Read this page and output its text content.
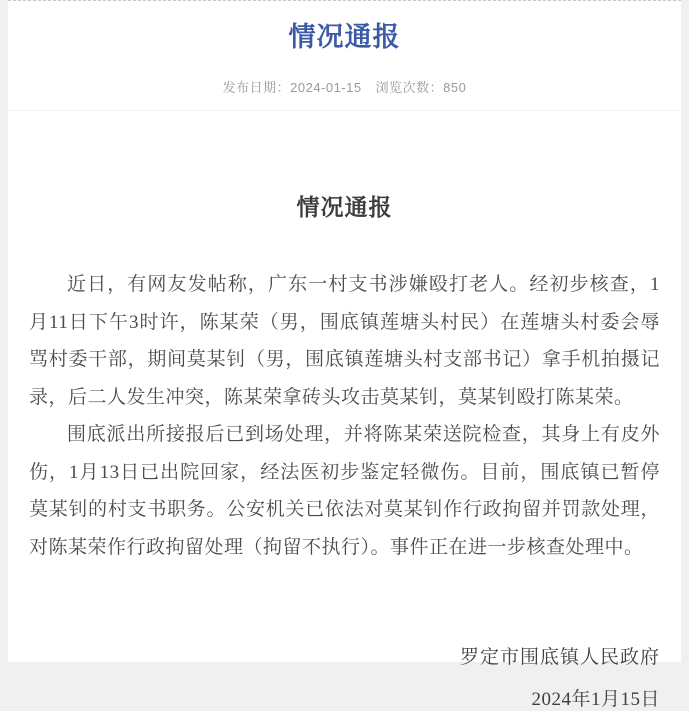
情况通报
发布日期：2024-01-15 浏览次数：850
情况通报

近日，有网友发帖称，广东一村支书涉嫌殴打老人。经初步核查，1月11日下午3时许，陈某荣（男，围底镇莲塘头村民）在莲塘头村委会辱骂村委干部，期间莫某钊（男，围底镇莲塘头村支部书记）拿手机拍摄记录，后二人发生冲突，陈某荣拿砖头攻击莫某钊，莫某钊殴打陈某荣。

围底派出所接报后已到场处理，并将陈某荣送院检查，其身上有皮外伤，1月13日已出院回家，经法医初步鉴定轻微伤。目前，围底镇已暂停莫某钊的村支书职务。公安机关已依法对莫某钊作行政拘留并罚款处理，对陈某荣作行政拘留处理（拘留不执行）。事件正在进一步核查处理中。

罗定市围底镇人民政府
2024年1月15日
